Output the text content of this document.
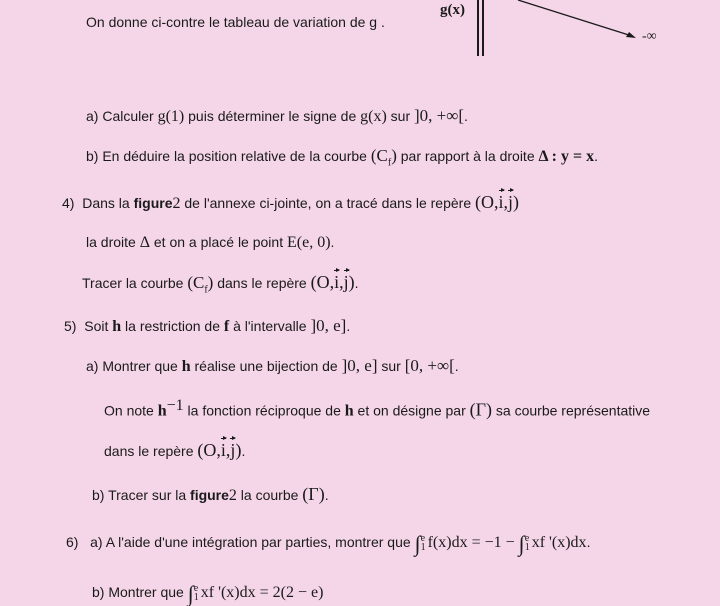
On donne ci-contre le tableau de variation de g .
g(x)
-∞
a) Calculer g(1) puis déterminer le signe de g(x) sur ]0, +∞[.
b) En déduire la position relative de la courbe $(C_f)$ par rapport à la droite Δ : y = x.
4) Dans la figure2 de l'annexe ci-jointe, on a tracé dans le repère (O,i,j)
la droite Δ et on a placé le point E(e, 0).
Tracer la courbe $(C_f)$ dans le repère (O,i,j).
5) Soit h la restriction de f à l'intervalle ]0, e].
a) Montrer que h réalise une bijection de ]0, e] sur [0, +∞[.
On note $h^{-1}$ la fonction réciproque de h et on désigne par (Γ) sa courbe représentative
dans le repère (O,i,j).
b) Tracer sur la figure2 la courbe (Γ).
6) a) A l'aide d'une intégration par parties, montrer que ∫ e
1 f(x)dx = −1 − ∫ e
1 xf '(x)dx.
b) Montrer que ∫ e
1 xf '(x)dx = 2(2 − e)
